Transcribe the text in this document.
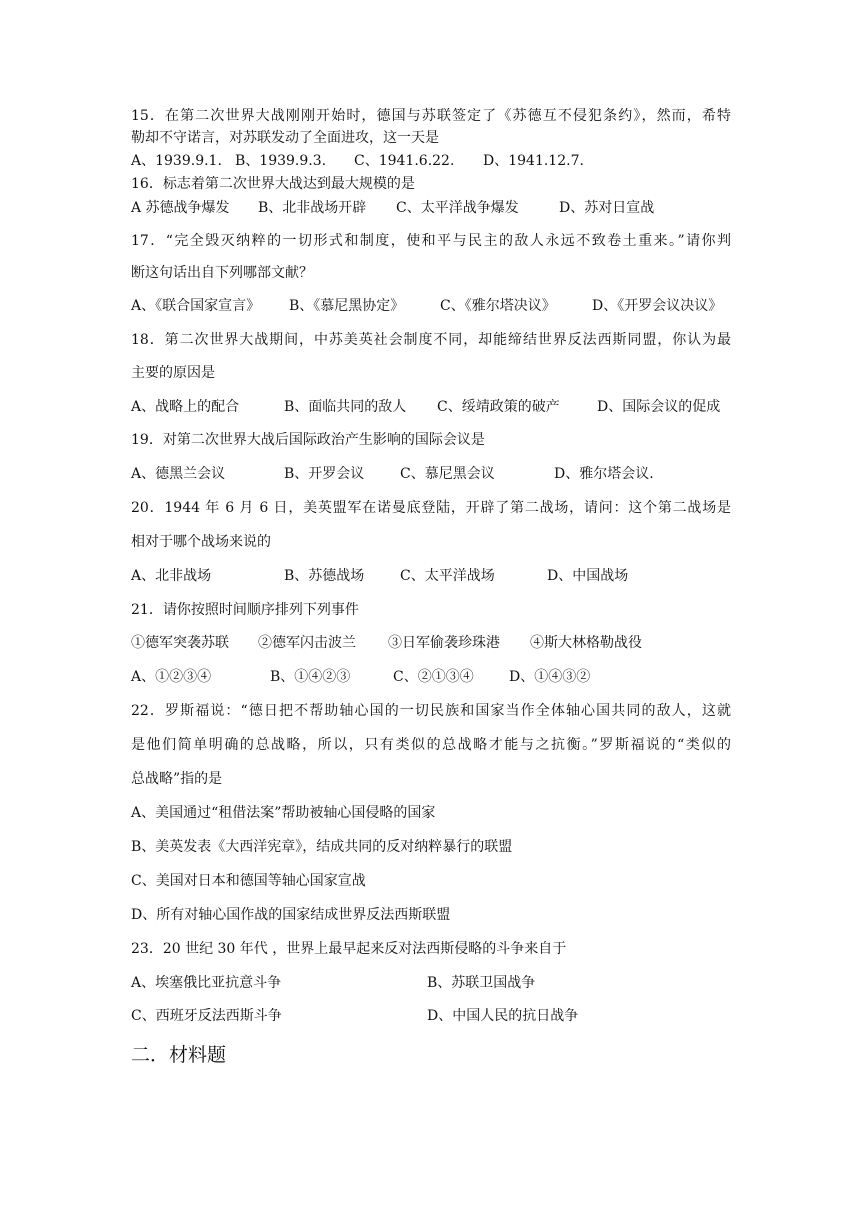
15．在第二次世界大战刚刚开始时，德国与苏联签定了《苏德互不侵犯条约》，然而，希特
勒却不守诺言，对苏联发动了全面进攻，这一天是
A、1939.9.1. B、1939.9.3. C、1941.6.22. D、1941.12.7.
16．标志着第二次世界大战达到最大规模的是
A 苏德战争爆发 B、北非战场开辟 C、太平洋战争爆发	D、苏对日宣战
17．“完全毁灭纳粹的一切形式和制度，使和平与民主的敌人永远不致卷土重来。”请你判
断这句话出自下列哪部文献？
A、《联合国家宣言》 B、《慕尼黑协定》	C、《雅尔塔决议》	D、《开罗会议决议》
18．第二次世界大战期间，中苏美英社会制度不同，却能缔结世界反法西斯同盟，你认为最
主要的原因是
A、战略上的配合	B、面临共同的敌人 C、绥靖政策的破产	D、国际会议的促成
19．对第二次世界大战后国际政治产生影响的国际会议是
A、德黑兰会议	B、开罗会议	C、慕尼黑会议	D、雅尔塔会议.
20．1944 年 6 月 6 日，美英盟军在诺曼底登陆，开辟了第二战场，请问：这个第二战场是
相对于哪个战场来说的
A、北非战场	B、苏德战场	C、太平洋战场	D、中国战场
21．请你按照时间顺序排列下列事件
①德军突袭苏联 ②德军闪击波兰 ③日军偷袭珍珠港 ④斯大林格勒战役
A、①②③④	B、①④②③	C、②①③④	D、①④③②
22．罗斯福说：“德日把不帮助轴心国的一切民族和国家当作全体轴心国共同的敌人，这就
是他们简单明确的总战略，所以，只有类似的总战略才能与之抗衡。”罗斯福说的“类似的
总战略”指的是
A、美国通过“租借法案”帮助被轴心国侵略的国家
B、美英发表《大西洋宪章》，结成共同的反对纳粹暴行的联盟
C、美国对日本和德国等轴心国家宣战
D、所有对轴心国作战的国家结成世界反法西斯联盟
23．20 世纪 30 年代 ，世界上最早起来反对法西斯侵略的斗争来自于
A、埃塞俄比亚抗意斗争	B、苏联卫国战争
C、西班牙反法西斯斗争	D、中国人民的抗日战争
二．材料题
